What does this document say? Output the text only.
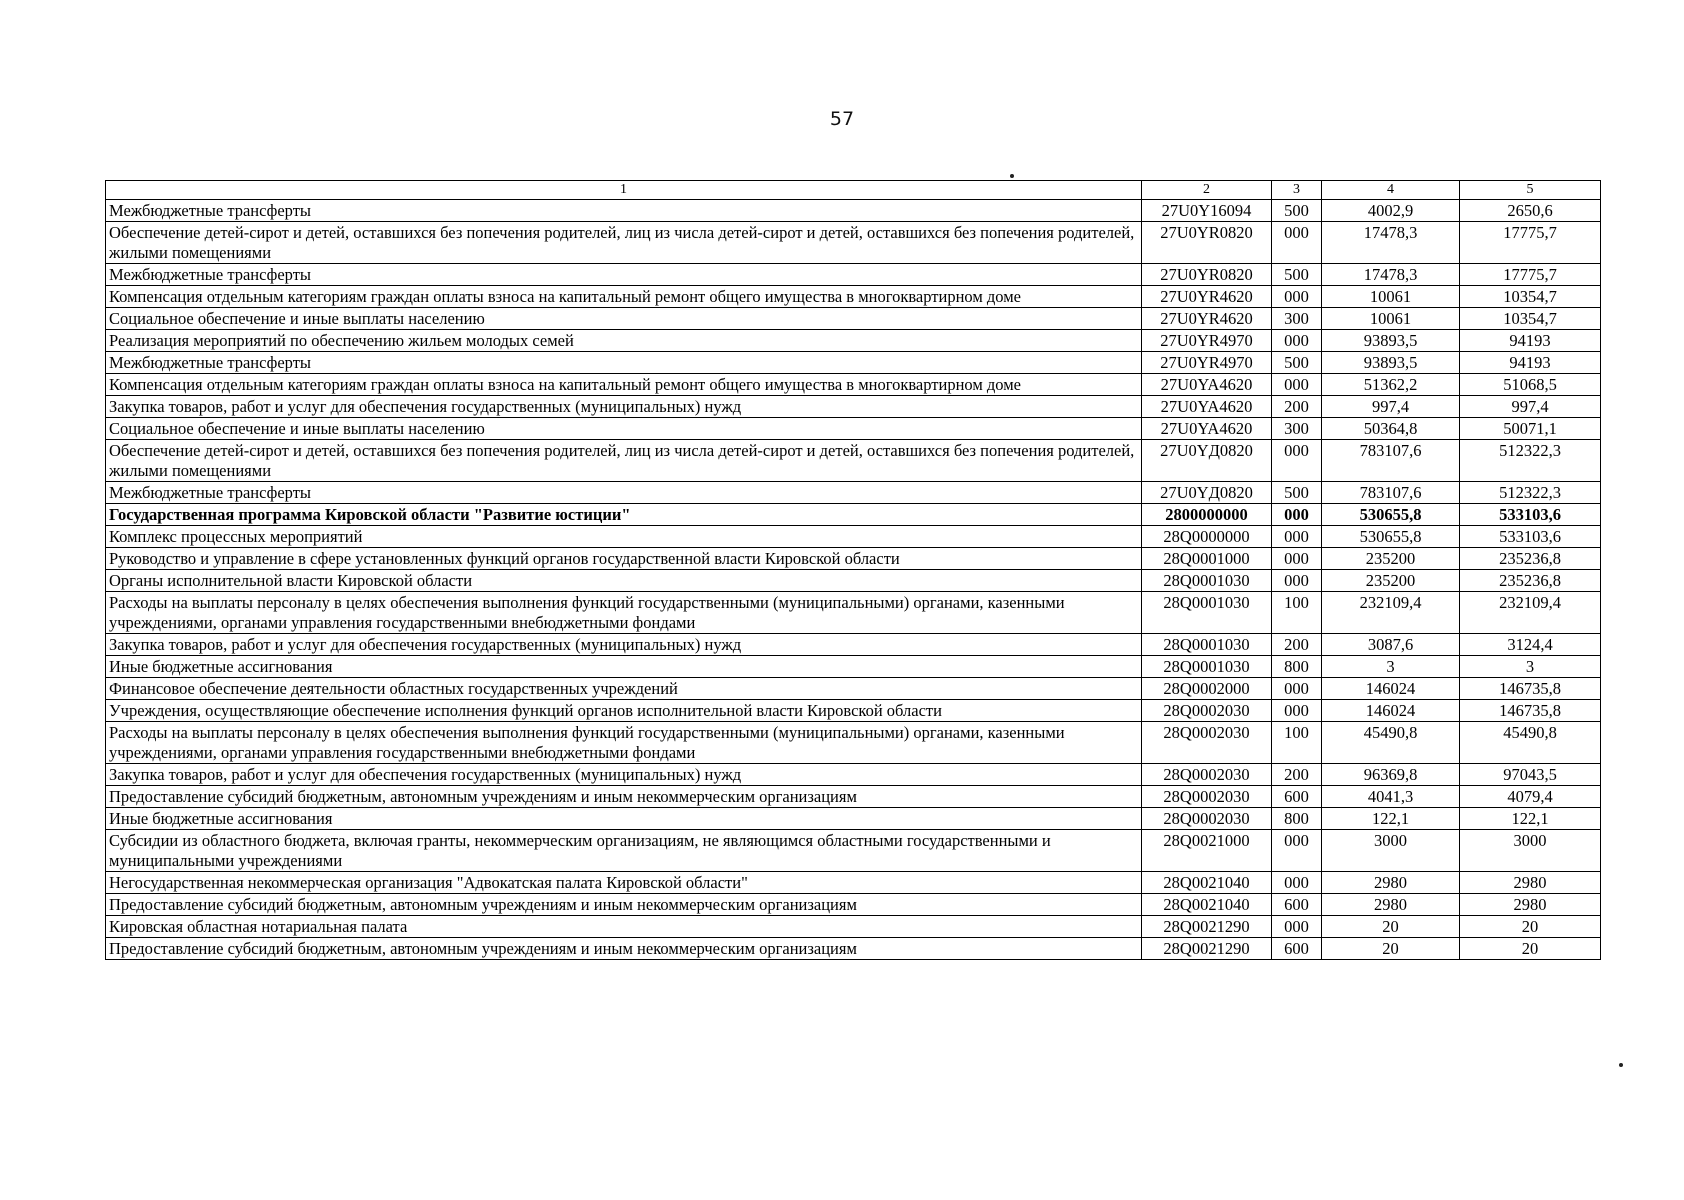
57
1	2	3	4	5
Межбюджетные трансферты	27U0Y16094	500	4002,9	2650,6
Обеспечение детей-сирот и детей, оставшихся без попечения родителей, лиц из числа детей-сирот и детей, оставшихся без попечения родителей, жилыми помещениями	27U0YR0820	000	17478,3	17775,7
Межбюджетные трансферты	27U0YR0820	500	17478,3	17775,7
Компенсация отдельным категориям граждан оплаты взноса на капитальный ремонт общего имущества в многоквартирном доме	27U0YR4620	000	10061	10354,7
Социальное обеспечение и иные выплаты населению	27U0YR4620	300	10061	10354,7
Реализация мероприятий по обеспечению жильем молодых семей	27U0YR4970	000	93893,5	94193
Межбюджетные трансферты	27U0YR4970	500	93893,5	94193
Компенсация отдельным категориям граждан оплаты взноса на капитальный ремонт общего имущества в многоквартирном доме	27U0YA4620	000	51362,2	51068,5
Закупка товаров, работ и услуг для обеспечения государственных (муниципальных) нужд	27U0YA4620	200	997,4	997,4
Социальное обеспечение и иные выплаты населению	27U0YA4620	300	50364,8	50071,1
Обеспечение детей-сирот и детей, оставшихся без попечения родителей, лиц из числа детей-сирот и детей, оставшихся без попечения родителей, жилыми помещениями	27U0YД0820	000	783107,6	512322,3
Межбюджетные трансферты	27U0YД0820	500	783107,6	512322,3
Государственная программа Кировской области "Развитие юстиции"	2800000000	000	530655,8	533103,6
Комплекс процессных мероприятий	28Q0000000	000	530655,8	533103,6
Руководство и управление в сфере установленных функций органов государственной власти Кировской области	28Q0001000	000	235200	235236,8
Органы исполнительной власти Кировской области	28Q0001030	000	235200	235236,8
Расходы на выплаты персоналу в целях обеспечения выполнения функций государственными (муниципальными) органами, казенными учреждениями, органами управления государственными внебюджетными фондами	28Q0001030	100	232109,4	232109,4
Закупка товаров, работ и услуг для обеспечения государственных (муниципальных) нужд	28Q0001030	200	3087,6	3124,4
Иные бюджетные ассигнования	28Q0001030	800	3	3
Финансовое обеспечение деятельности областных государственных учреждений	28Q0002000	000	146024	146735,8
Учреждения, осуществляющие обеспечение исполнения функций органов исполнительной власти Кировской области	28Q0002030	000	146024	146735,8
Расходы на выплаты персоналу в целях обеспечения выполнения функций государственными (муниципальными) органами, казенными учреждениями, органами управления государственными внебюджетными фондами	28Q0002030	100	45490,8	45490,8
Закупка товаров, работ и услуг для обеспечения государственных (муниципальных) нужд	28Q0002030	200	96369,8	97043,5
Предоставление субсидий бюджетным, автономным учреждениям и иным некоммерческим организациям	28Q0002030	600	4041,3	4079,4
Иные бюджетные ассигнования	28Q0002030	800	122,1	122,1
Субсидии из областного бюджета, включая гранты, некоммерческим организациям, не являющимся областными государственными и муниципальными учреждениями	28Q0021000	000	3000	3000
Негосударственная некоммерческая организация "Адвокатская палата Кировской области"	28Q0021040	000	2980	2980
Предоставление субсидий бюджетным, автономным учреждениям и иным некоммерческим организациям	28Q0021040	600	2980	2980
Кировская областная нотариальная палата	28Q0021290	000	20	20
Предоставление субсидий бюджетным, автономным учреждениям и иным некоммерческим организациям	28Q0021290	600	20	20
